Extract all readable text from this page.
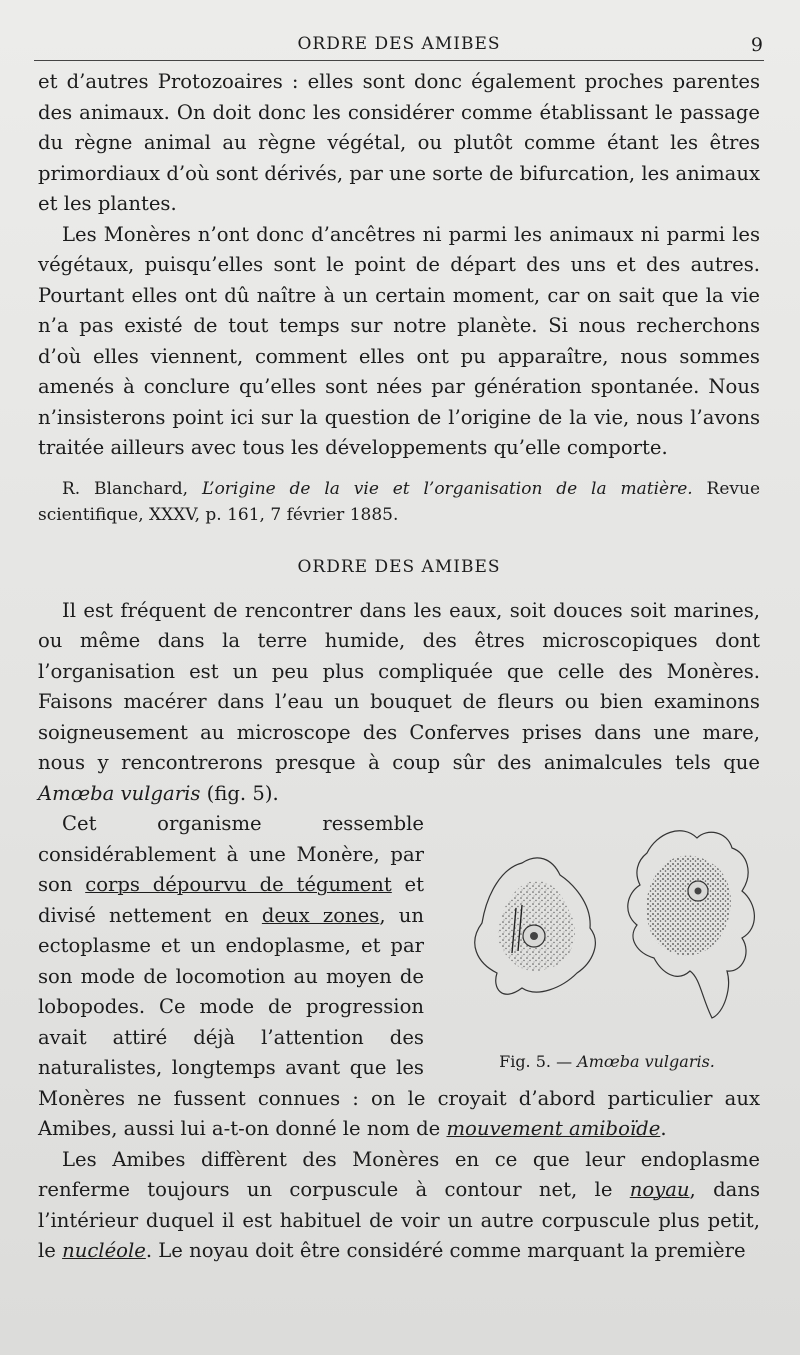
ORDRE DES AMIBES	9

et d’autres Protozoaires : elles sont donc également proches parentes des animaux. On doit donc les considérer comme établissant le passage du règne animal au règne végétal, ou plutôt comme étant les êtres primordiaux d’où sont dérivés, par une sorte de bifurcation, les animaux et les plantes.

Les Monères n’ont donc d’ancêtres ni parmi les animaux ni parmi les végétaux, puisqu’elles sont le point de départ des uns et des autres. Pourtant elles ont dû naître à un certain moment, car on sait que la vie n’a pas existé de tout temps sur notre planète. Si nous recherchons d’où elles viennent, comment elles ont pu apparaître, nous sommes amenés à conclure qu’elles sont nées par génération spontanée. Nous n’insisterons point ici sur la question de l’origine de la vie, nous l’avons traitée ailleurs avec tous les développements qu’elle comporte.

R. Blanchard, L’origine de la vie et l’organisation de la matière. Revue scientifique, XXXV, p. 161, 7 février 1885.

ORDRE DES AMIBES

Il est fréquent de rencontrer dans les eaux, soit douces soit marines, ou même dans la terre humide, des êtres microscopiques dont l’organisation est un peu plus compliquée que celle des Monères. Faisons macérer dans l’eau un bouquet de fleurs ou bien examinons soigneusement au microscope des Conferves prises dans une mare, nous y rencontrerons presque à coup sûr des animalcules tels que Amœba vulgaris (fig. 5).

Fig. 5. — Amœba vulgaris.

Cet organisme ressemble considérablement à une Monère, par son corps dépourvu de tégument et divisé nettement en deux zones, un ectoplasme et un endoplasme, et par son mode de locomotion au moyen de lobopodes. Ce mode de progression avait attiré déjà l’attention des naturalistes, longtemps avant que les Monères ne fussent connues : on le croyait d’abord particulier aux Amibes, aussi lui a-t-on donné le nom de mouvement amiboïde.

Les Amibes diffèrent des Monères en ce que leur endoplasme renferme toujours un corpuscule à contour net, le noyau, dans l’intérieur duquel il est habituel de voir un autre corpuscule plus petit, le nucléole. Le noyau doit être considéré comme marquant la première
